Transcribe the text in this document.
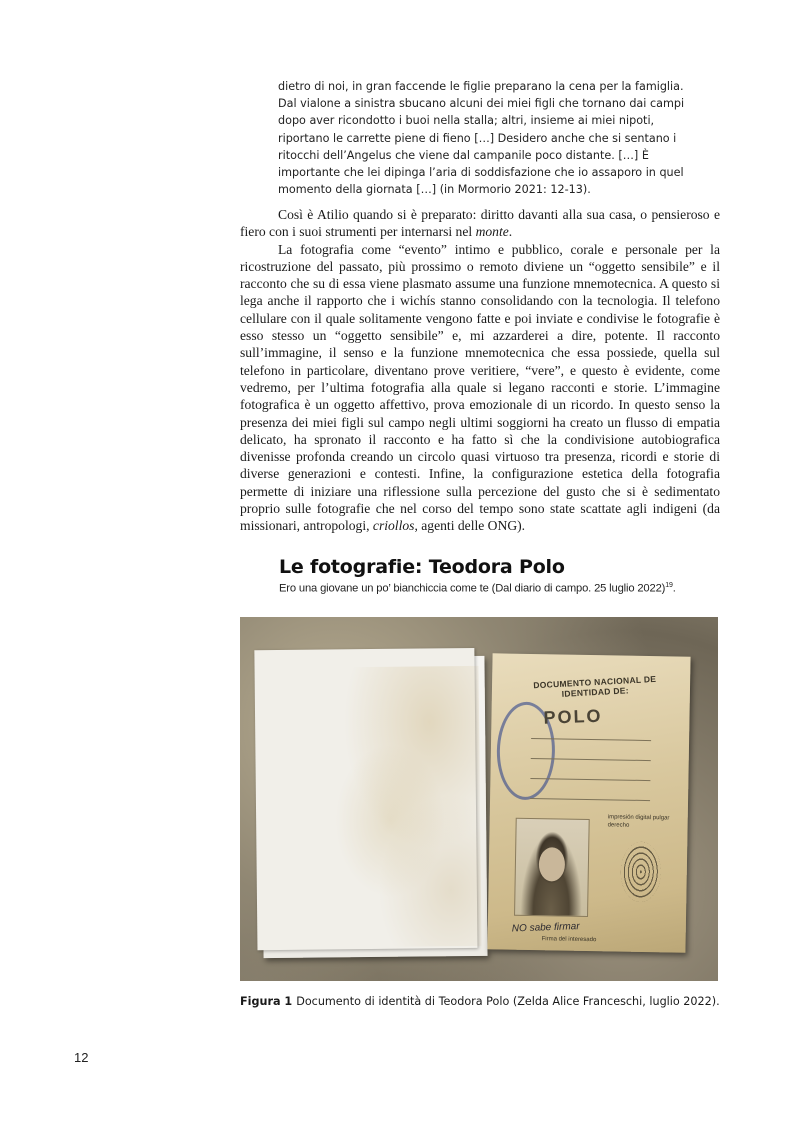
dietro di noi, in gran faccende le figlie preparano la cena per la famiglia. Dal vialone a sinistra sbucano alcuni dei miei figli che tornano dai campi dopo aver ricondotto i buoi nella stalla; altri, insieme ai miei nipoti, riportano le carrette piene di fieno […] Desidero anche che si sentano i ritocchi dell’Angelus che viene dal campanile poco distante. […] È importante che lei dipinga l’aria di soddisfazione che io assaporo in quel momento della giornata […] (in Mormorio 2021: 12-13).

Così è Atilio quando si è preparato: diritto davanti alla sua casa, o pensieroso e fiero con i suoi strumenti per internarsi nel monte.

La fotografia come “evento” intimo e pubblico, corale e personale per la ricostruzione del passato, più prossimo o remoto diviene un “oggetto sensibile” e il racconto che su di essa viene plasmato assume una funzione mnemotecnica. A questo si lega anche il rapporto che i wichís stanno consolidando con la tecnologia. Il telefono cellulare con il quale solitamente vengono fatte e poi inviate e condivise le fotografie è esso stesso un “oggetto sensibile” e, mi azzarderei a dire, potente. Il racconto sull’immagine, il senso e la funzione mnemotecnica che essa possiede, quella sul telefono in particolare, diventano prove veritiere, “vere”, e questo è evidente, come vedremo, per l’ultima fotografia alla quale si legano racconti e storie. L’immagine fotografica è un oggetto affettivo, prova emozionale di un ricordo. In questo senso la presenza dei miei figli sul campo negli ultimi soggiorni ha creato un flusso di empatia delicato, ha spronato il racconto e ha fatto sì che la condivisione autobiografica divenisse profonda creando un circolo quasi virtuoso tra presenza, ricordi e storie di diverse generazioni e contesti. Infine, la configurazione estetica della fotografia permette di iniziare una riflessione sulla percezione del gusto che si è sedimentato proprio sulle fotografie che nel corso del tempo sono state scattate agli indigeni (da missionari, antropologi, criollos, agenti delle ONG).

Le fotografie: Teodora Polo

Ero una giovane un po’ bianchiccia come te (Dal diario di campo. 25 luglio 2022)$^{19}$.

DOCUMENTO NACIONAL DE IDENTIDAD DE:
POLO
impresión digital pulgar derecho
NO sabe firmar
Firma del interesado

Figura 1 Documento di identità di Teodora Polo (Zelda Alice Franceschi, luglio 2022).

12
